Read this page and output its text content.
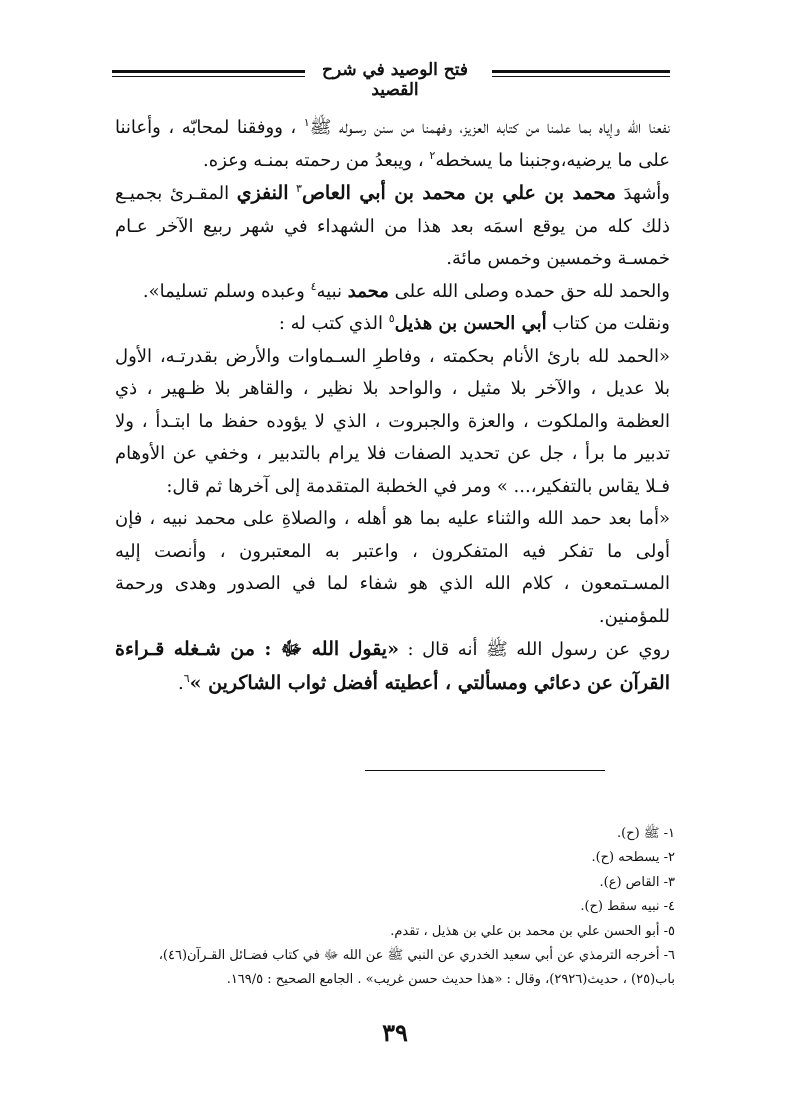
فتح الوصيد في شرح القصيد

نفعنا الله وإياه بما علمنا من كتابه العزيز، وفهمنا من سنن رسـوله ﷺ$^١$ ، ووفقنا لمحابّه ، وأعاننا على ما يرضيه،وجنبنا ما يسخطه$^٢$ ، ويبعدُ من رحمته بمنـه وعزه.

وأشهدَ محمد بن علي بن محمد بن أبي العاص$^٣$ النفزي المقـرئ بجميـع ذلك كله من يوقع اسمَه بعد هذا من الشهداء في شهر ربيع الآخر عـام خمسـة وخمسين وخمس مائة.

والحمد لله حق حمده وصلى الله على محمد نبيه$^٤$ وعبده وسلم تسليما».

ونقلت من كتاب أبي الحسن بن هذيل$^٥$ الذي كتب له :

«الحمد لله بارئ الأنام بحكمته ، وفاطرِ السـماوات والأرض بقدرتـه، الأول بلا عديل ، والآخر بلا مثيل ، والواحد بلا نظير ، والقاهر بلا ظـهير ، ذي العظمة والملكوت ، والعزة والجبروت ، الذي لا يؤوده حفظ ما ابتـدأ ، ولا تدبير ما برأ ، جل عن تحديد الصفات فلا يرام بالتدبير ، وخفي عن الأوهام فـلا يقاس بالتفكير،... » ومر في الخطبة المتقدمة إلى آخرها ثم قال:

«أما بعد حمد الله والثناء عليه بما هو أهله ، والصلاةِ على محمد نبيه ، فإن أولى ما تفكر فيه المتفكرون ، واعتبر به المعتبرون ، وأنصت إليه المسـتمعون ، كلام الله الذي هو شفاء لما في الصدور وهدى ورحمة للمؤمنين.

روي عن رسول الله ﷺ أنه قال : «يقول الله ﷻ : من شـغله قـراءة القرآن عن دعائي ومسألتي ، أعطيته أفضل ثواب الشاكرين »$^٦$.

١- ﷺ (ح).
٢- يسطحه (ح).
٣- القاص (ع).
٤- نبيه سقط (ح).
٥- أبو الحسن علي بن محمد بن علي بن هذيل ، تقدم.
٦- أخرجه الترمذي عن أبي سعيد الخدري عن النبي ﷺ عن الله ﷻ في كتاب فضـائل القـرآن(٤٦)،
باب(٢٥) ، حديث(٢٩٢٦)، وقال : «هذا حديث حسن غريب» . الجامع الصحيح : ١٦٩/٥.
٣٩
